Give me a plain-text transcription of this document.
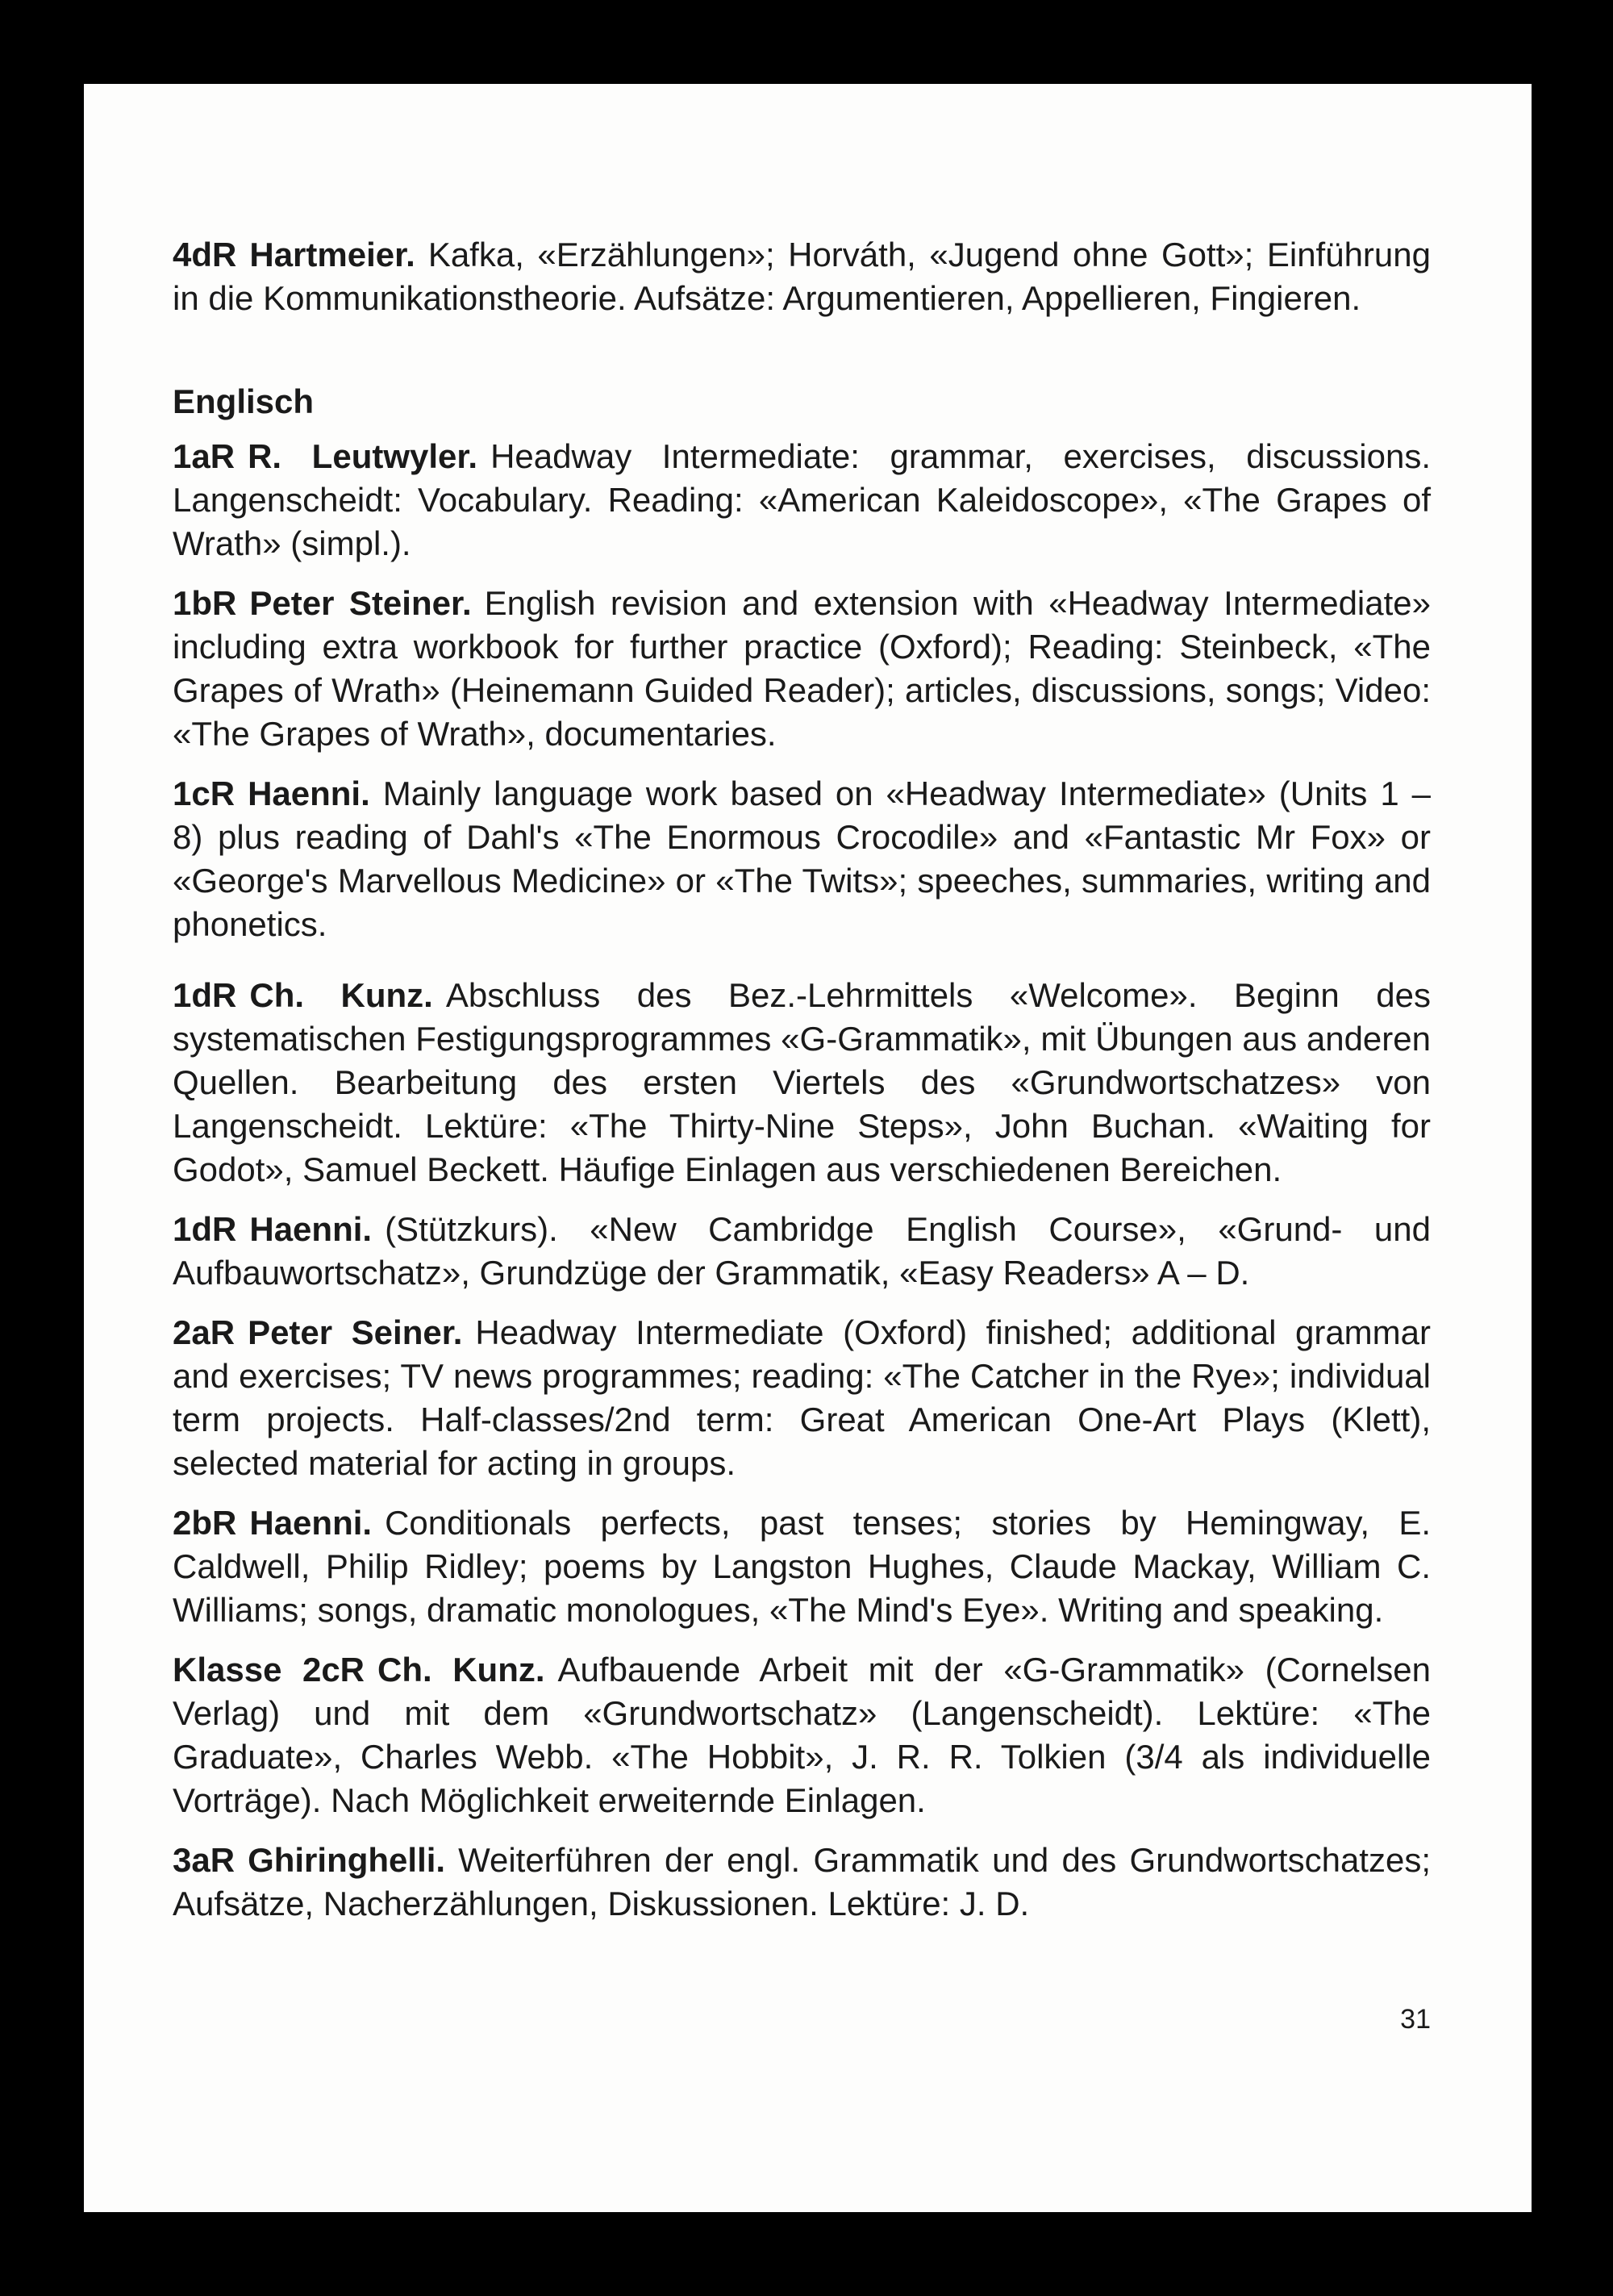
4dR Hartmeier. Kafka, «Erzählungen»; Horváth, «Jugend ohne Gott»; Einführung in die Kommunikationstheorie. Aufsätze: Argumentieren, Appellieren, Fingieren.

Englisch

1aR R. Leutwyler. Headway Intermediate: grammar, exercises, discussions. Langenscheidt: Vocabulary. Reading: «American Kaleidoscope», «The Grapes of Wrath» (simpl.).

1bR Peter Steiner. English revision and extension with «Headway Intermediate» including extra workbook for further practice (Oxford); Reading: Steinbeck, «The Grapes of Wrath» (Heinemann Guided Reader); articles, discussions, songs; Video: «The Grapes of Wrath», documentaries.

1cR Haenni. Mainly language work based on «Headway Intermediate» (Units 1 – 8) plus reading of Dahl's «The Enormous Crocodile» and «Fantastic Mr Fox» or «George's Marvellous Medicine» or «The Twits»; speeches, summaries, writing and phonetics.

1dR Ch. Kunz. Abschluss des Bez.-Lehrmittels «Welcome». Beginn des systematischen Festigungsprogrammes «G-Grammatik», mit Übungen aus anderen Quellen. Bearbeitung des ersten Viertels des «Grundwortschatzes» von Langenscheidt. Lektüre: «The Thirty-Nine Steps», John Buchan. «Waiting for Godot», Samuel Beckett. Häufige Einlagen aus verschiedenen Bereichen.

1dR Haenni. (Stützkurs). «New Cambridge English Course», «Grund- und Aufbauwortschatz», Grundzüge der Grammatik, «Easy Readers» A – D.

2aR Peter Seiner. Headway Intermediate (Oxford) finished; additional grammar and exercises; TV news programmes; reading: «The Catcher in the Rye»; individual term projects. Half-classes/2nd term: Great American One-Art Plays (Klett), selected material for acting in groups.

2bR Haenni. Conditionals perfects, past tenses; stories by Hemingway, E. Caldwell, Philip Ridley; poems by Langston Hughes, Claude Mackay, William C. Williams; songs, dramatic monologues, «The Mind's Eye». Writing and speaking.

Klasse 2cR Ch. Kunz. Aufbauende Arbeit mit der «G-Grammatik» (Cornelsen Verlag) und mit dem «Grundwortschatz» (Langenscheidt). Lektüre: «The Graduate», Charles Webb. «The Hobbit», J. R. R. Tolkien (3/4 als individuelle Vorträge). Nach Möglichkeit erweiternde Einlagen.

3aR Ghiringhelli. Weiterführen der engl. Grammatik und des Grundwortschatzes; Aufsätze, Nacherzählungen, Diskussionen. Lektüre: J. D.

31
